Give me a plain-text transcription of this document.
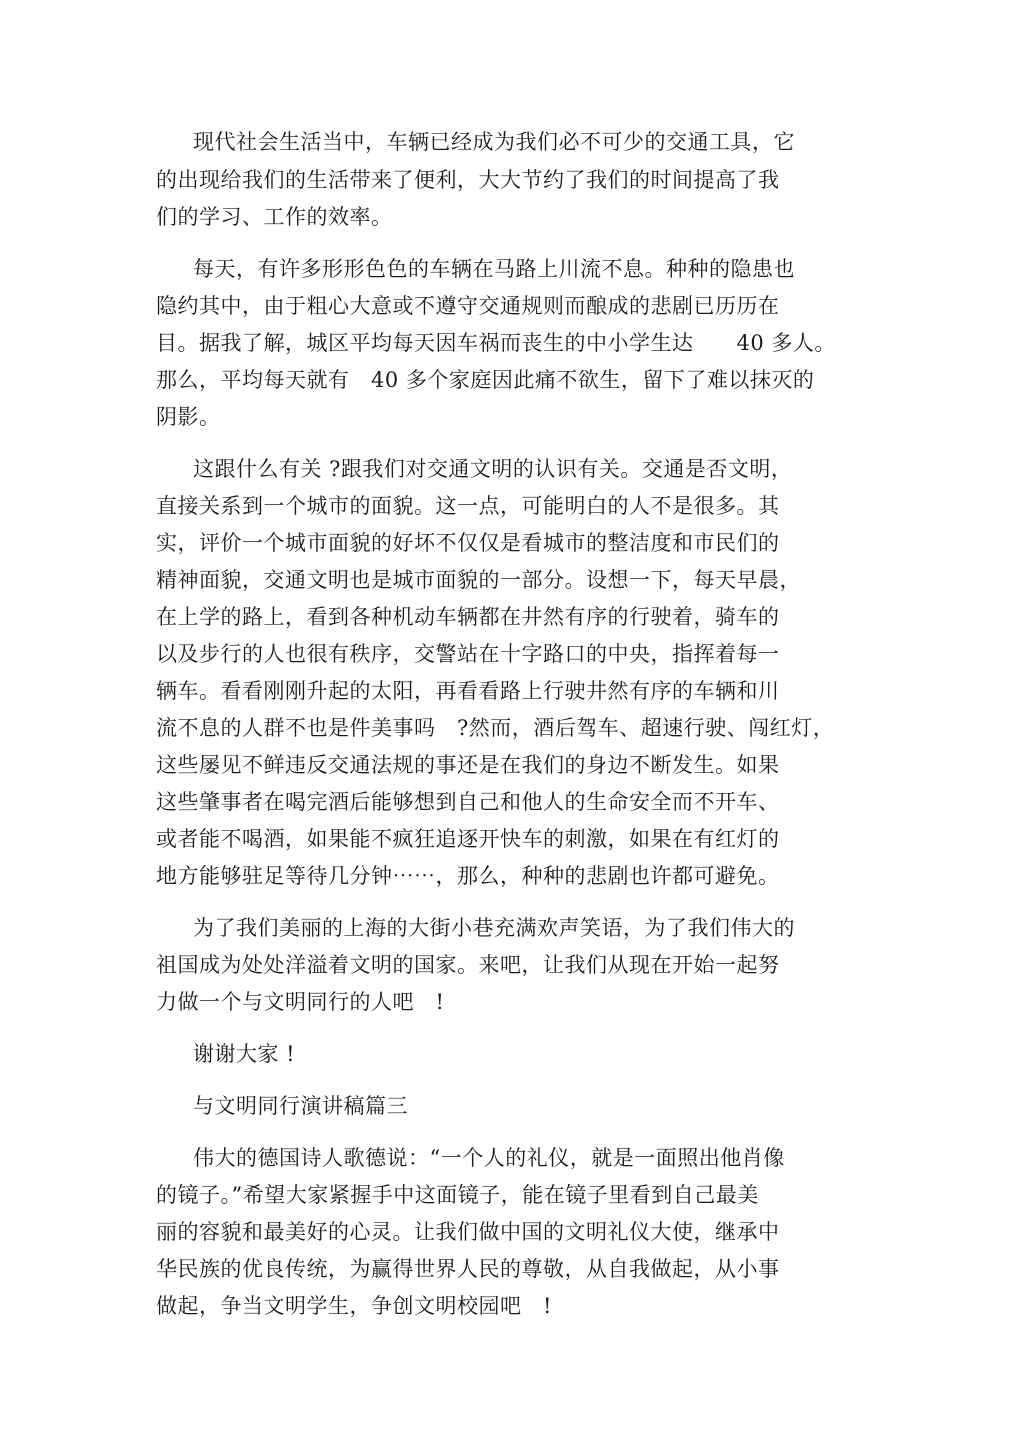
现代社会生活当中，车辆已经成为我们必不可少的交通工具，它
的出现给我们的生活带来了便利，大大节约了我们的时间提高了我
们的学习、工作的效率。
每天，有许多形形色色的车辆在马路上川流不息。种种的隐患也
隐约其中，由于粗心大意或不遵守交通规则而酿成的悲剧已历历在
目。据我了解，城区平均每天因车祸而丧生的中小学生达　　40 多人。
那么，平均每天就有　40 多个家庭因此痛不欲生，留下了难以抹灭的
阴影。
这跟什么有关 ?跟我们对交通文明的认识有关。交通是否文明，
直接关系到一个城市的面貌。这一点，可能明白的人不是很多。其
实，评价一个城市面貌的好坏不仅仅是看城市的整洁度和市民们的
精神面貌，交通文明也是城市面貌的一部分。设想一下，每天早晨，
在上学的路上，看到各种机动车辆都在井然有序的行驶着，骑车的
以及步行的人也很有秩序，交警站在十字路口的中央，指挥着每一
辆车。看看刚刚升起的太阳，再看看路上行驶井然有序的车辆和川
流不息的人群不也是件美事吗　?然而，酒后驾车、超速行驶、闯红灯，
这些屡见不鲜违反交通法规的事还是在我们的身边不断发生。如果
这些肇事者在喝完酒后能够想到自己和他人的生命安全而不开车、
或者能不喝酒，如果能不疯狂追逐开快车的刺激，如果在有红灯的
地方能够驻足等待几分钟⋯⋯，那么，种种的悲剧也许都可避免。
为了我们美丽的上海的大街小巷充满欢声笑语，为了我们伟大的
祖国成为处处洋溢着文明的国家。来吧，让我们从现在开始一起努
力做一个与文明同行的人吧　!
谢谢大家 !
与文明同行演讲稿篇三
伟大的德国诗人歌德说：“一个人的礼仪，就是一面照出他肖像
的镜子。”希望大家紧握手中这面镜子，能在镜子里看到自己最美
丽的容貌和最美好的心灵。让我们做中国的文明礼仪大使，继承中
华民族的优良传统，为赢得世界人民的尊敬，从自我做起，从小事
做起，争当文明学生，争创文明校园吧　!
